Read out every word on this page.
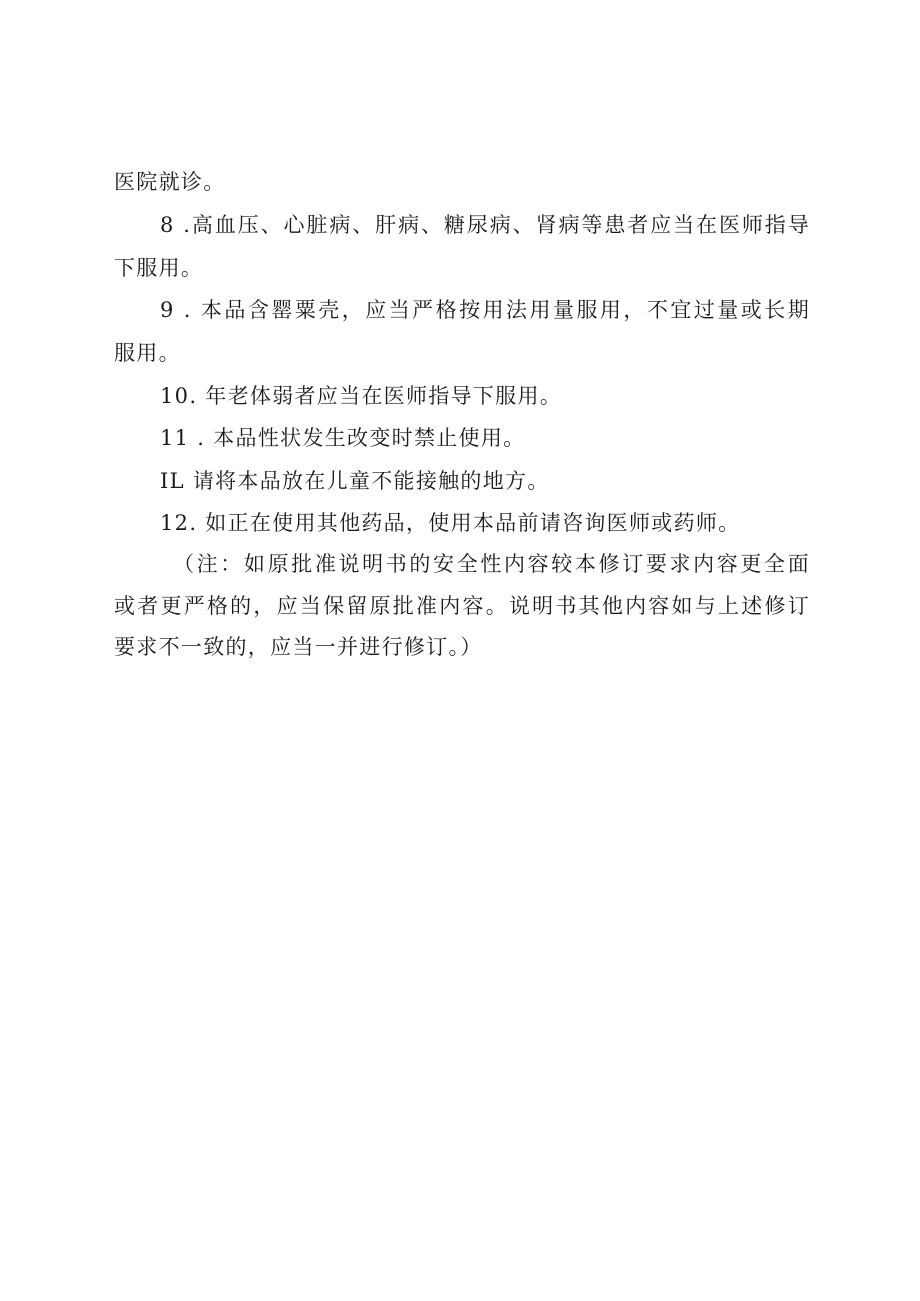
医院就诊。
8 .高血压、心脏病、肝病、糖尿病、肾病等患者应当在医师指导
下服用。
9 . 本品含罂粟壳，应当严格按用法用量服用，不宜过量或长期
服用。
10. 年老体弱者应当在医师指导下服用。
11 . 本品性状发生改变时禁止使用。
IL 请将本品放在儿童不能接触的地方。
12. 如正在使用其他药品，使用本品前请咨询医师或药师。
（注：如原批准说明书的安全性内容较本修订要求内容更全面
或者更严格的，应当保留原批准内容。说明书其他内容如与上述修订
要求不一致的，应当一并进行修订。）
